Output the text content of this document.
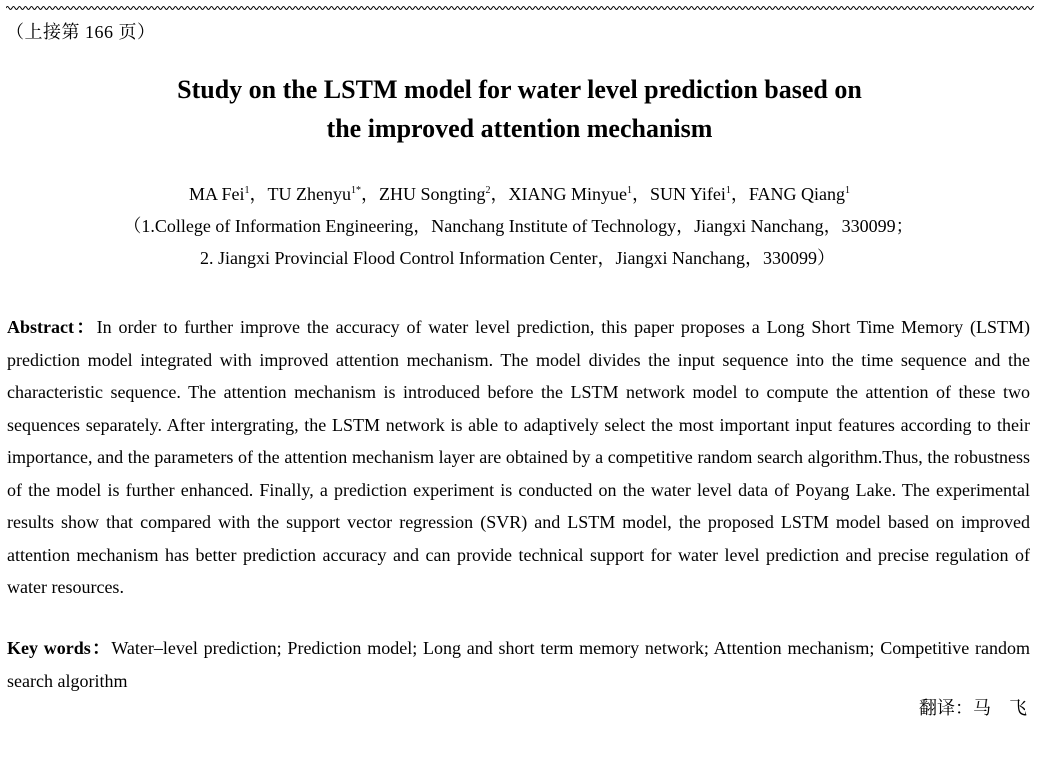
（上接第 166 页）
Study on the LSTM model for water level prediction based on
the improved attention mechanism
MA Fei$^1$，TU Zhenyu$^{1*}$，ZHU Songting$^2$，XIANG Minyue$^1$，SUN Yifei$^1$，FANG Qiang$^1$
（1.College of Information Engineering，Nanchang Institute of Technology，Jiangxi Nanchang，330099；
2. Jiangxi Provincial Flood Control Information Center，Jiangxi Nanchang，330099）

Abstract：In order to further improve the accuracy of water level prediction, this paper proposes a Long Short Time Memory (LSTM) prediction model integrated with improved attention mechanism. The model divides the input sequence into the time sequence and the characteristic sequence. The attention mechanism is introduced before the LSTM network model to compute the attention of these two sequences separately. After intergrating, the LSTM network is able to adaptively select the most important input features according to their importance, and the parameters of the attention mechanism layer are obtained by a competitive random search algorithm.Thus, the robustness of the model is further enhanced. Finally, a prediction experiment is conducted on the water level data of Poyang Lake. The experimental results show that compared with the support vector regression (SVR) and LSTM model, the proposed LSTM model based on improved attention mechanism has better prediction accuracy and can provide technical support for water level prediction and precise regulation of water resources.

Key words：Water–level prediction; Prediction model; Long and short term memory network; Attention mechanism; Competitive random search algorithm

翻译：马　飞
